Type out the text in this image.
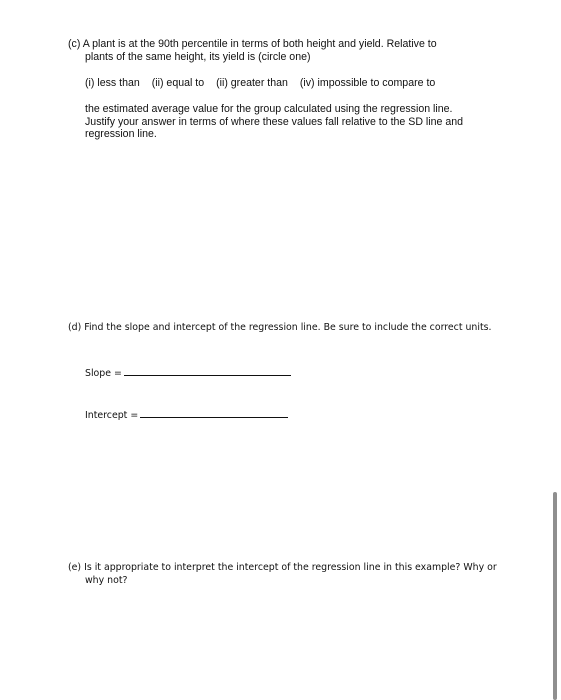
(c) A plant is at the 90th percentile in terms of both height and yield. Relative to
plants of the same height, its yield is (circle one)

(i) less than (ii) equal to (ii) greater than (iv) impossible to compare to

the estimated average value for the group calculated using the regression line.
Justify your answer in terms of where these values fall relative to the SD line and
regression line.

(d) Find the slope and intercept of the regression line. Be sure to include the correct units.

Slope =
Intercept =

(e) Is it appropriate to interpret the intercept of the regression line in this example? Why or
why not?
